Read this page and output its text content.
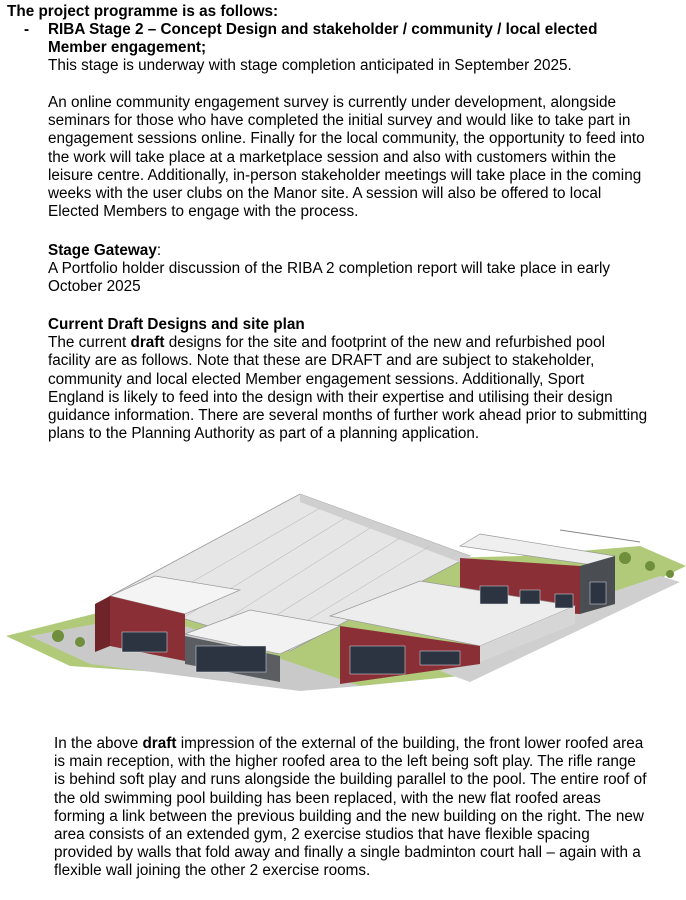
The project programme is as follows:
- RIBA Stage 2 – Concept Design and stakeholder / community / local elected

Member engagement;

This stage is underway with stage completion anticipated in September 2025.

An online community engagement survey is currently under development, alongside

seminars for those who have completed the initial survey and would like to take part in

engagement sessions online. Finally for the local community, the opportunity to feed into

the work will take place at a marketplace session and also with customers within the

leisure centre. Additionally, in-person stakeholder meetings will take place in the coming

weeks with the user clubs on the Manor site. A session will also be offered to local

Elected Members to engage with the process.

Stage Gateway:

A Portfolio holder discussion of the RIBA 2 completion report will take place in early

October 2025

Current Draft Designs and site plan

The current draft designs for the site and footprint of the new and refurbished pool

facility are as follows. Note that these are DRAFT and are subject to stakeholder,

community and local elected Member engagement sessions. Additionally, Sport

England is likely to feed into the design with their expertise and utilising their design

guidance information. There are several months of further work ahead prior to submitting

plans to the Planning Authority as part of a planning application.

In the above draft impression of the external of the building, the front lower roofed area

is main reception, with the higher roofed area to the left being soft play. The rifle range

is behind soft play and runs alongside the building parallel to the pool. The entire roof of

the old swimming pool building has been replaced, with the new flat roofed areas

forming a link between the previous building and the new building on the right. The new

area consists of an extended gym, 2 exercise studios that have flexible spacing

provided by walls that fold away and finally a single badminton court hall – again with a

flexible wall joining the other 2 exercise rooms.
